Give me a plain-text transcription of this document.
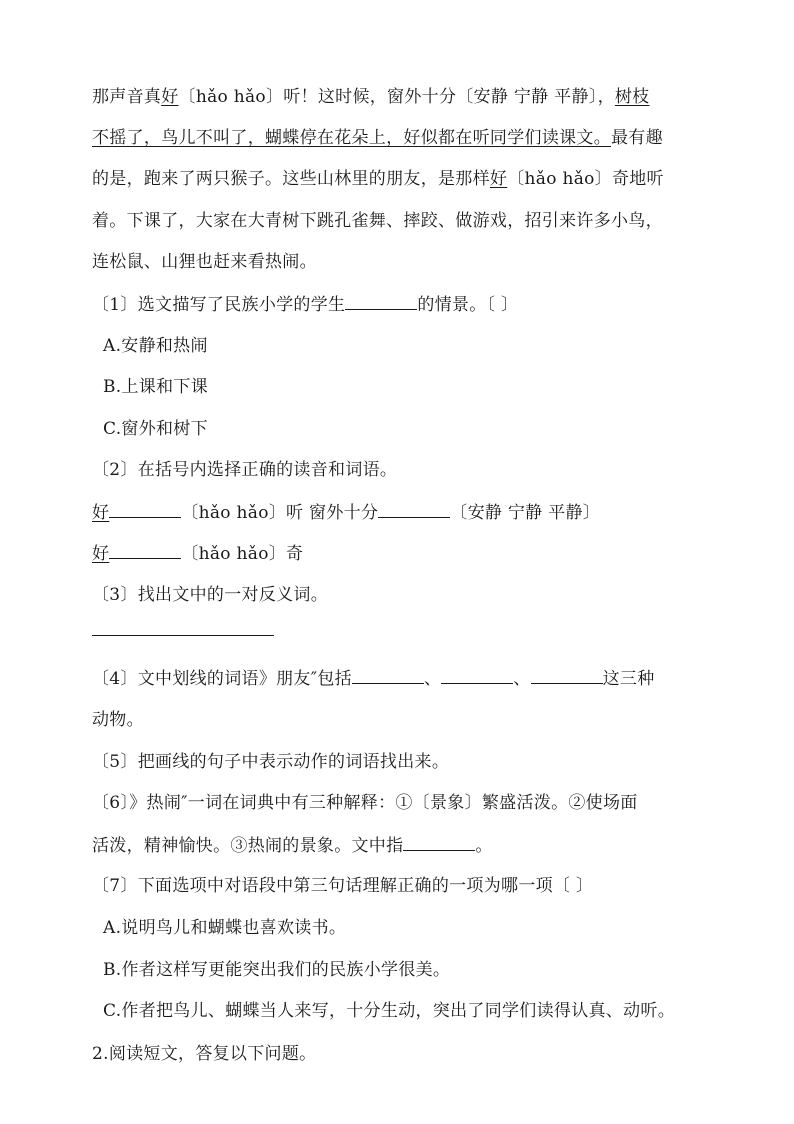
那声音真好〔hǎo hǎo〕听！这时候，窗外十分〔安静 宁静 平静〕，树枝
不摇了，鸟儿不叫了，蝴蝶停在花朵上，好似都在听同学们读课文。最有趣
的是，跑来了两只猴子。这些山林里的朋友，是那样好〔hǎo hǎo〕奇地听
着。下课了，大家在大青树下跳孔雀舞、摔跤、做游戏，招引来许多小鸟，
连松鼠、山狸也赶来看热闹。
〔1〕选文描写了民族小学的学生	的情景。〔 〕
A.安静和热闹
B.上课和下课
C.窗外和树下
〔2〕在括号内选择正确的读音和词语。
好	〔hǎo hǎo〕听 窗外十分	〔安静 宁静 平静〕
好	〔hǎo hǎo〕奇
〔3〕找出文中的一对反义词。
〔4〕文中划线的词语》朋友″包括	、	、	这三种
动物。
〔5〕把画线的句子中表示动作的词语找出来。
〔6〕》热闹″一词在词典中有三种解释：①〔景象〕繁盛活泼。②使场面
活泼，精神愉快。③热闹的景象。文中指	。
〔7〕下面选项中对语段中第三句话理解正确的一项为哪一项〔 〕
A.说明鸟儿和蝴蝶也喜欢读书。
B.作者这样写更能突出我们的民族小学很美。
C.作者把鸟儿、蝴蝶当人来写，十分生动，突出了同学们读得认真、动听。
2.阅读短文，答复以下问题。
